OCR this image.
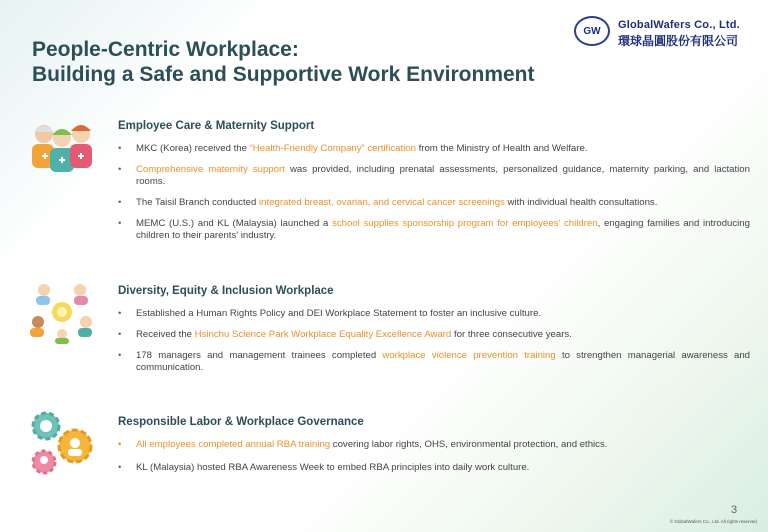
People-Centric Workplace:
Building a Safe and Supportive Work Environment
GW GlobalWafers Co., Ltd.
環球晶圓股份有限公司
Employee Care & Maternity Support
• MKC (Korea) received the “Health-Friendly Company” certification from the Ministry of Health and Welfare.
• Comprehensive maternity support was provided, including prenatal assessments, personalized guidance, maternity parking, and lactation rooms.
• The Taisil Branch conducted integrated breast, ovarian, and cervical cancer screenings with individual health consultations.
• MEMC (U.S.) and KL (Malaysia) launched a school supplies sponsorship program for employees' children, engaging families and introducing children to their parents' industry.
Diversity, Equity & Inclusion Workplace
• Established a Human Rights Policy and DEI Workplace Statement to foster an inclusive culture.
• Received the Hsinchu Science Park Workplace Equality Excellence Award for three consecutive years.
• 178 managers and management trainees completed workplace violence prevention training to strengthen managerial awareness and communication.
Responsible Labor & Workplace Governance
• All employees completed annual RBA training covering labor rights, OHS, environmental protection, and ethics.
• KL (Malaysia) hosted RBA Awareness Week to embed RBA principles into daily work culture.
3
© GlobalWafers Co., Ltd. All rights reserved.
